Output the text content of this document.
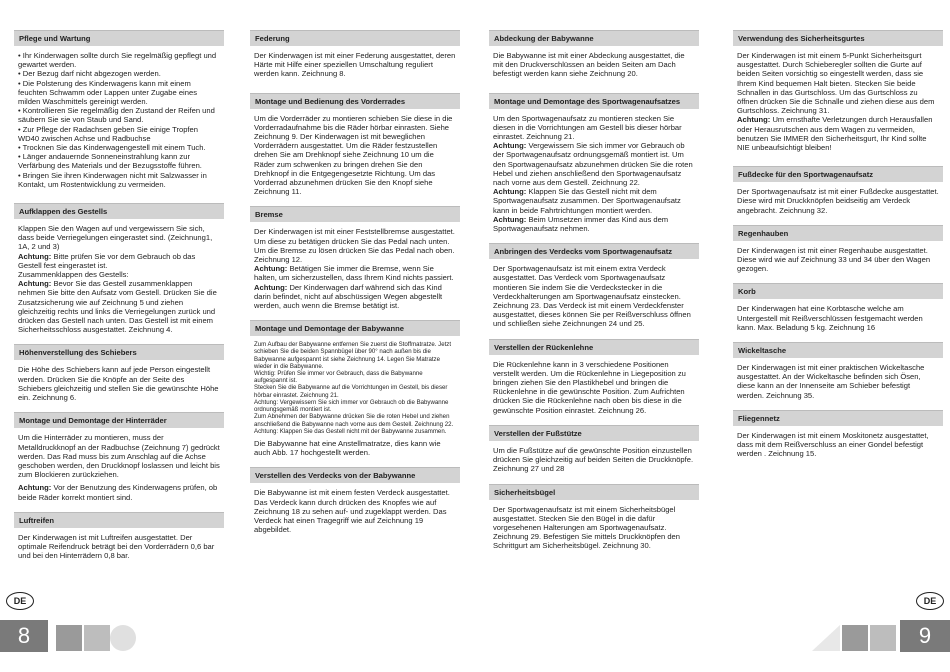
Pflege und Wartung
• Ihr Kinderwagen sollte durch Sie regelmäßig gepflegt und gewartet werden.
• Der Bezug darf nicht abgezogen werden.
• Die Polsterung des Kinderwagens kann mit einem feuchten Schwamm oder Lappen unter Zugabe eines milden Waschmittels gereinigt werden.
• Kontrollieren Sie regelmäßig den Zustand der Reifen und säubern Sie sie von Staub und Sand.
• Zur Pflege der Radachsen geben Sie einige Tropfen WD40 zwischen Achse und Radbuchse
• Trocknen Sie das Kinderwagengestell mit einem Tuch.
• Länger andauernde Sonneneinstrahlung kann zur Verfärbung des Materials und der Bezugsstoffe führen.
• Bringen Sie ihren Kinderwagen nicht mit Salzwasser in Kontakt, um Rostentwicklung zu vermeiden.
Aufklappen des Gestells
Klappen Sie den Wagen auf und vergewissern Sie sich, dass beide Verriegelungen eingerastet sind. (Zeichnung1, 1A, 2 und 3)
Achtung: Bitte prüfen Sie vor dem Gebrauch ob das Gestell fest eingerastet ist.
Zusammenklappen des Gestells:
Achtung: Bevor Sie das Gestell zusammenklappen nehmen Sie bitte den Aufsatz vom Gestell. Drücken Sie die Zusatzsicherung wie auf Zeichnung 5 und ziehen gleichzeitig rechts und links die Verriegelungen zurück und drücken das Gestell nach unten. Das Gestell ist mit einem Sicherheitsschloss ausgestattet. Zeichnung 4.
Höhenverstellung des Schiebers
Die Höhe des Schiebers kann auf jede Person eingestellt werden. Drücken Sie die Knöpfe an der Seite des Schiebers gleichzeitig und stellen Sie die gewünschte Höhe ein. Zeichnung 6.
Montage und Demontage der Hinterräder
Um die Hinterräder zu montieren, muss der Metalldruckknopf an der Radbuchse (Zeichnung 7) gedrückt werden. Das Rad muss bis zum Anschlag auf die Achse geschoben werden, den Druckknopf loslassen und leicht bis zum Blockieren zurückziehen.
Achtung: Vor der Benutzung des Kinderwagens prüfen, ob beide Räder korrekt montiert sind.
Luftreifen
Der Kinderwagen ist mit Luftreifen ausgestattet. Der optimale Reifendruck beträgt bei den Vorderrädern 0,6 bar und bei den Hinterrädern 0,8 bar.
Federung
Der Kinderwagen ist mit einer Federung ausgestattet, deren Härte mit Hilfe einer speziellen Umschaltung reguliert werden kann. Zeichnung 8.
Montage und Bedienung des Vorderrades
Um die Vorderräder zu montieren schieben Sie diese in die Vorderradaufnahme bis die Räder hörbar einrasten. Siehe Zeichnung 9. Der Kinderwagen ist mit beweglichen Vorderrädern ausgestattet. Um die Räder festzustellen drehen Sie am Drehknopf siehe Zeichnung 10 um die Räder zum schwenken zu bringen drehen Sie den Drehknopf in die Entgegengesetzte Richtung. Um das Vorderrad abzunehmen drücken Sie den Knopf siehe Zeichnung 11.
Bremse
Der Kinderwagen ist mit einer Feststellbremse ausgestattet. Um diese zu betätigen drücken Sie das Pedal nach unten. Um die Bremse zu lösen drücken Sie das Pedal nach oben. Zeichnung 12.
Achtung: Betätigen Sie immer die Bremse, wenn Sie halten, um sicherzustellen, dass Ihrem Kind nichts passiert.
Achtung: Der Kinderwagen darf während sich das Kind darin befindet, nicht auf abschüssigen Wegen abgestellt werden, auch wenn die Bremse betätigt ist.
Montage und Demontage der Babywanne
Zum Aufbau der Babywanne entfernen Sie zuerst die Stoffmatratze. Jetzt schieben Sie die beiden Spannbügel über 90° nach außen bis die Babywanne aufgespannt ist siehe Zeichnung 14. Legen Sie Matratze wieder in die Babywanne.
Wichtig: Prüfen Sie immer vor Gebrauch, dass die Babywanne aufgespannt ist.
Stecken Sie die Babywanne auf die Vorrichtungen im Gestell, bis dieser hörbar einrastet. Zeichnung 21.
Achtung: Vergewissern Sie sich immer vor Gebrauch ob die Babywanne ordnungsgemäß montiert ist.
Zum Abnehmen der Babywanne drücken Sie die roten Hebel und ziehen anschließend die Babywanne nach vorne aus dem Gestell. Zeichnung 22.
Achtung: Klappen Sie das Gestell nicht mit der Babywanne zusammen.
Die Babywanne hat eine Anstellmatratze, dies kann wie auch Abb. 17 hochgestellt werden.
Verstellen des Verdecks von der Babywanne
Die Babywanne ist mit einem festen Verdeck ausgestattet. Das Verdeck kann durch drücken des Knopfes wie auf Zeichnung 18 zu sehen auf- und zugeklappt werden. Das Verdeck hat einen Tragegriff wie auf Zeichnung 19 abgebildet.
Abdeckung der Babywanne
Die Babywanne ist mit einer Abdeckung ausgestattet, die mit den Druckverschlüssen an beiden Seiten am Dach befestigt werden kann siehe Zeichnung 20.
Montage und Demontage des Sportwagenaufsatzes
Um den Sportwagenaufsatz zu montieren stecken Sie diesen in die Vorrichtungen am Gestell bis dieser hörbar einrastet. Zeichnung 21.
Achtung: Vergewissern Sie sich immer vor Gebrauch ob der Sportwagenaufsatz ordnungsgemäß montiert ist. Um den Sportwagenaufsatz abzunehmen drücken Sie die roten Hebel und ziehen anschließend den Sportwagenaufsatz nach vorne aus dem Gestell. Zeichnung 22.
Achtung: Klappen Sie das Gestell nicht mit dem Sportwagenaufsatz zusammen. Der Sportwagenaufsatz kann in beide Fahrtrichtungen montiert werden.
Achtung: Beim Umsetzen immer das Kind aus dem Sportwagenaufsatz nehmen.
Anbringen des Verdecks vom Sportwagenaufsatz
Der Sportwagenaufsatz ist mit einem extra Verdeck ausgestattet. Das Verdeck vom Sportwagenaufsatz montieren Sie indem Sie die Verdeckstecker in die Verdeckhalterungen am Sportwagenaufsatz einstecken. Zeichnung 23. Das Verdeck ist mit einem Verdeckfenster ausgestattet, dieses können Sie per Reißverschluss öffnen und schließen siehe Zeichnungen 24 und 25.
Verstellen der Rückenlehne
Die Rückenlehne kann in 3 verschiedene Positionen verstellt werden. Um die Rückenlehne in Liegeposition zu bringen ziehen Sie den Plastikhebel und bringen die Rückenlehne in die gewünschte Position. Zum Aufrichten drücken Sie die Rückenlehne nach oben bis diese in die gewünschte Position einrastet. Zeichnung 26.
Verstellen der Fußstütze
Um die Fußstütze auf die gewünschte Position einzustellen drücken Sie gleichzeitig auf beiden Seiten die Druckknöpfe. Zeichnung 27 und 28
Sicherheitsbügel
Der Sportwagenaufsatz ist mit einem Sicherheitsbügel ausgestattet. Stecken Sie den Bügel in die dafür vorgesehenen Halterungen am Sportwagenaufsatz. Zeichnung 29. Befestigen Sie mittels Druckknöpfen den Schrittgurt am Sicherheitsbügel. Zeichnung 30.
Verwendung des Sicherheitsgurtes
Der Kinderwagen ist mit einem 5-Punkt Sicherheitsgurt ausgestattet. Durch Schieberegler sollten die Gurte auf beiden Seiten vorsichtig so eingestellt werden, dass sie Ihrem Kind bequemen Halt bieten. Stecken Sie beide Schnallen in das Gurtschloss. Um das Gurtschloss zu öffnen drücken Sie die Schnalle und ziehen diese aus dem Gurtschloss. Zeichnung 31.
Achtung: Um ernsthafte Verletzungen durch Herausfallen oder Herausrutschen aus dem Wagen zu vermeiden, benutzen Sie IMMER den Sicherheitsgurt, Ihr Kind sollte NIE unbeaufsichtigt bleiben!
Fußdecke für den Sportwagenaufsatz
Der Sportwagenaufsatz ist mit einer Fußdecke ausgestattet. Diese wird mit Druckknöpfen beidseitig am Verdeck angebracht. Zeichnung 32.
Regenhauben
Der Kinderwagen ist mit einer Regenhaube ausgestattet. Diese wird wie auf Zeichnung 33 und 34 über den Wagen gezogen.
Korb
Der Kinderwagen hat eine Korbtasche welche am Untergestell mit Reißverschlüssen festgemacht werden kann. Max. Beladung 5 kg. Zeichnung 16
Wickeltasche
Der Kinderwagen ist mit einer praktischen Wickeltasche ausgestattet. An der Wickeltasche befinden sich Ösen, diese kann an der Innenseite am Schieber befestigt werden. Zeichnung 35.
Fliegennetz
Der Kinderwagen ist mit einem Moskitonetz ausgestattet, dass mit dem Reißverschluss an einer Gondel befestigt werden . Zeichnung 15.
DE	DE
8	9
